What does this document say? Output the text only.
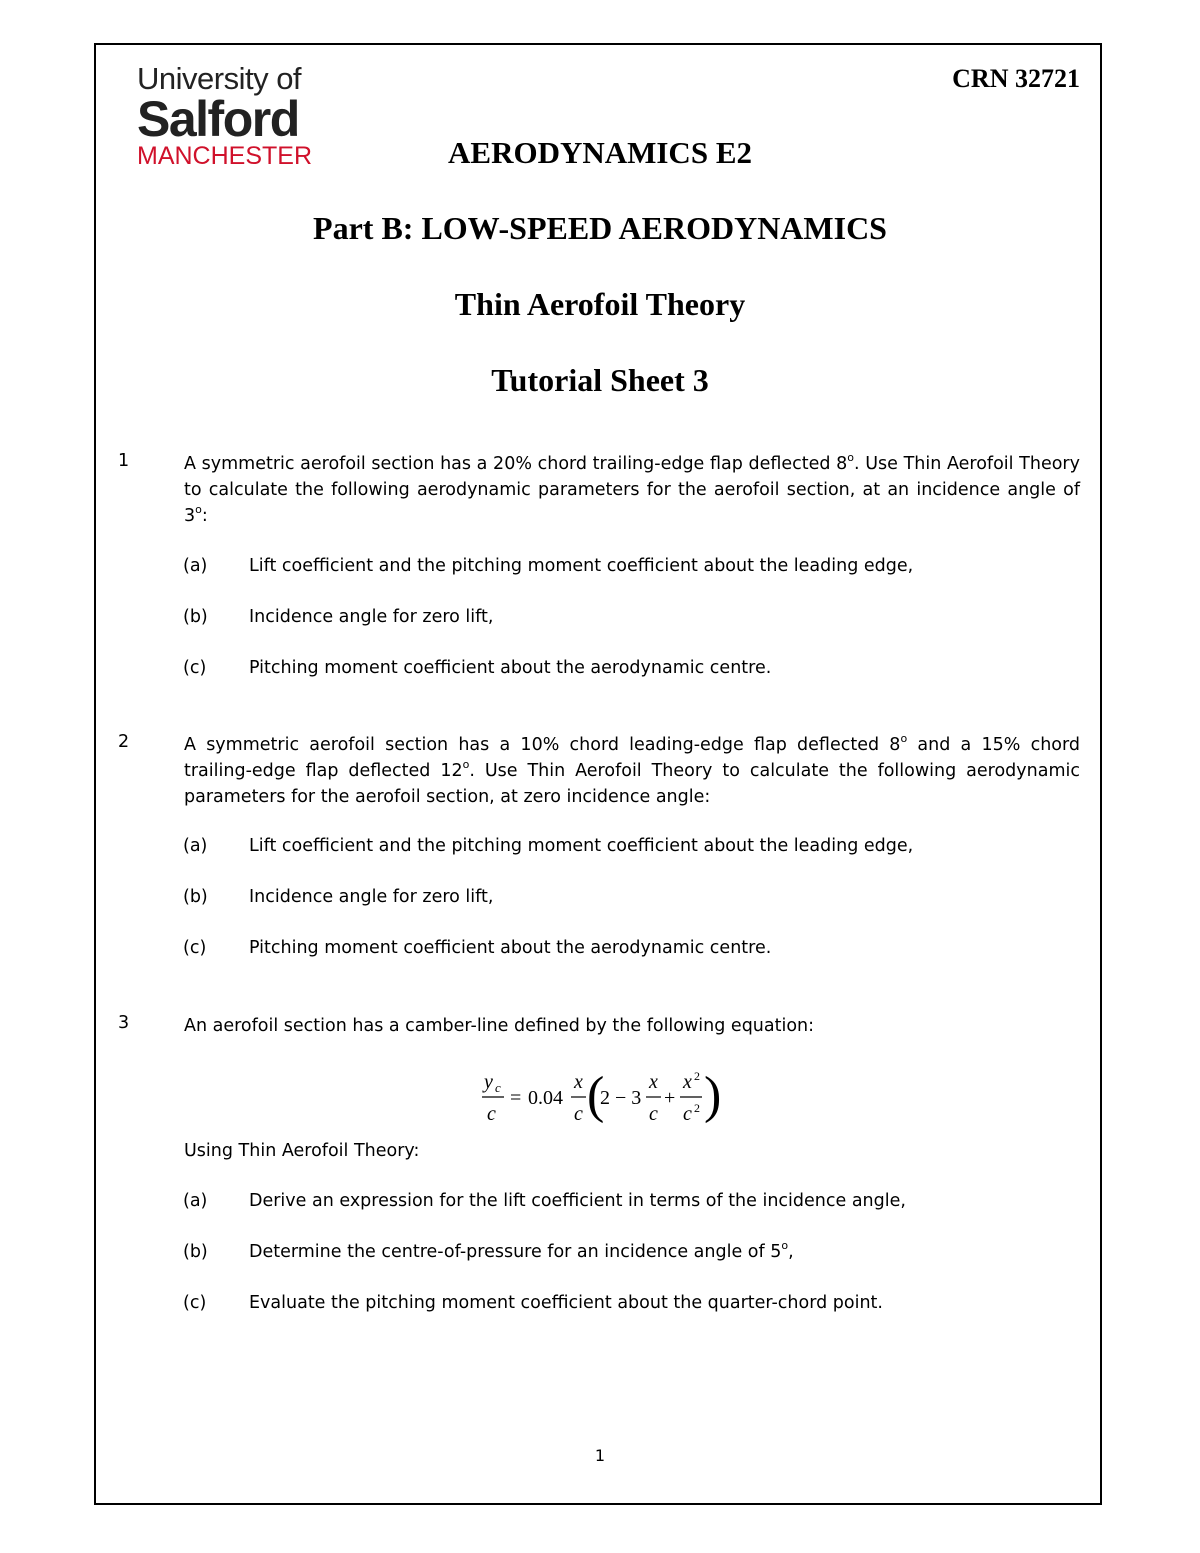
University of
Salford
MANCHESTER
CRN 32721
AERODYNAMICS E2
Part B: LOW-SPEED AERODYNAMICS
Thin Aerofoil Theory
Tutorial Sheet 3
1	A symmetric aerofoil section has a 20% chord trailing-edge flap deflected 8$^o$. Use Thin Aerofoil Theory to calculate the following aerodynamic parameters for the aerofoil section, at an incidence angle of 3$^o$:
(a) Lift coefficient and the pitching moment coefficient about the leading edge,
(b) Incidence angle for zero lift,
(c) Pitching moment coefficient about the aerodynamic centre.
2	A symmetric aerofoil section has a 10% chord leading-edge flap deflected 8$^o$ and a 15% chord trailing-edge flap deflected 12$^o$. Use Thin Aerofoil Theory to calculate the following aerodynamic parameters for the aerofoil section, at zero incidence angle:
(a) Lift coefficient and the pitching moment coefficient about the leading edge,
(b) Incidence angle for zero lift,
(c) Pitching moment coefficient about the aerodynamic centre.
3	An aerofoil section has a camber-line defined by the following equation:
y c
c
= 0.04
x
c (
2 − 3
x
c
+
x 2
c 2 )
Using Thin Aerofoil Theory:
(a) Derive an expression for the lift coefficient in terms of the incidence angle,
(b) Determine the centre-of-pressure for an incidence angle of 5$^o$,
(c) Evaluate the pitching moment coefficient about the quarter-chord point.
1
